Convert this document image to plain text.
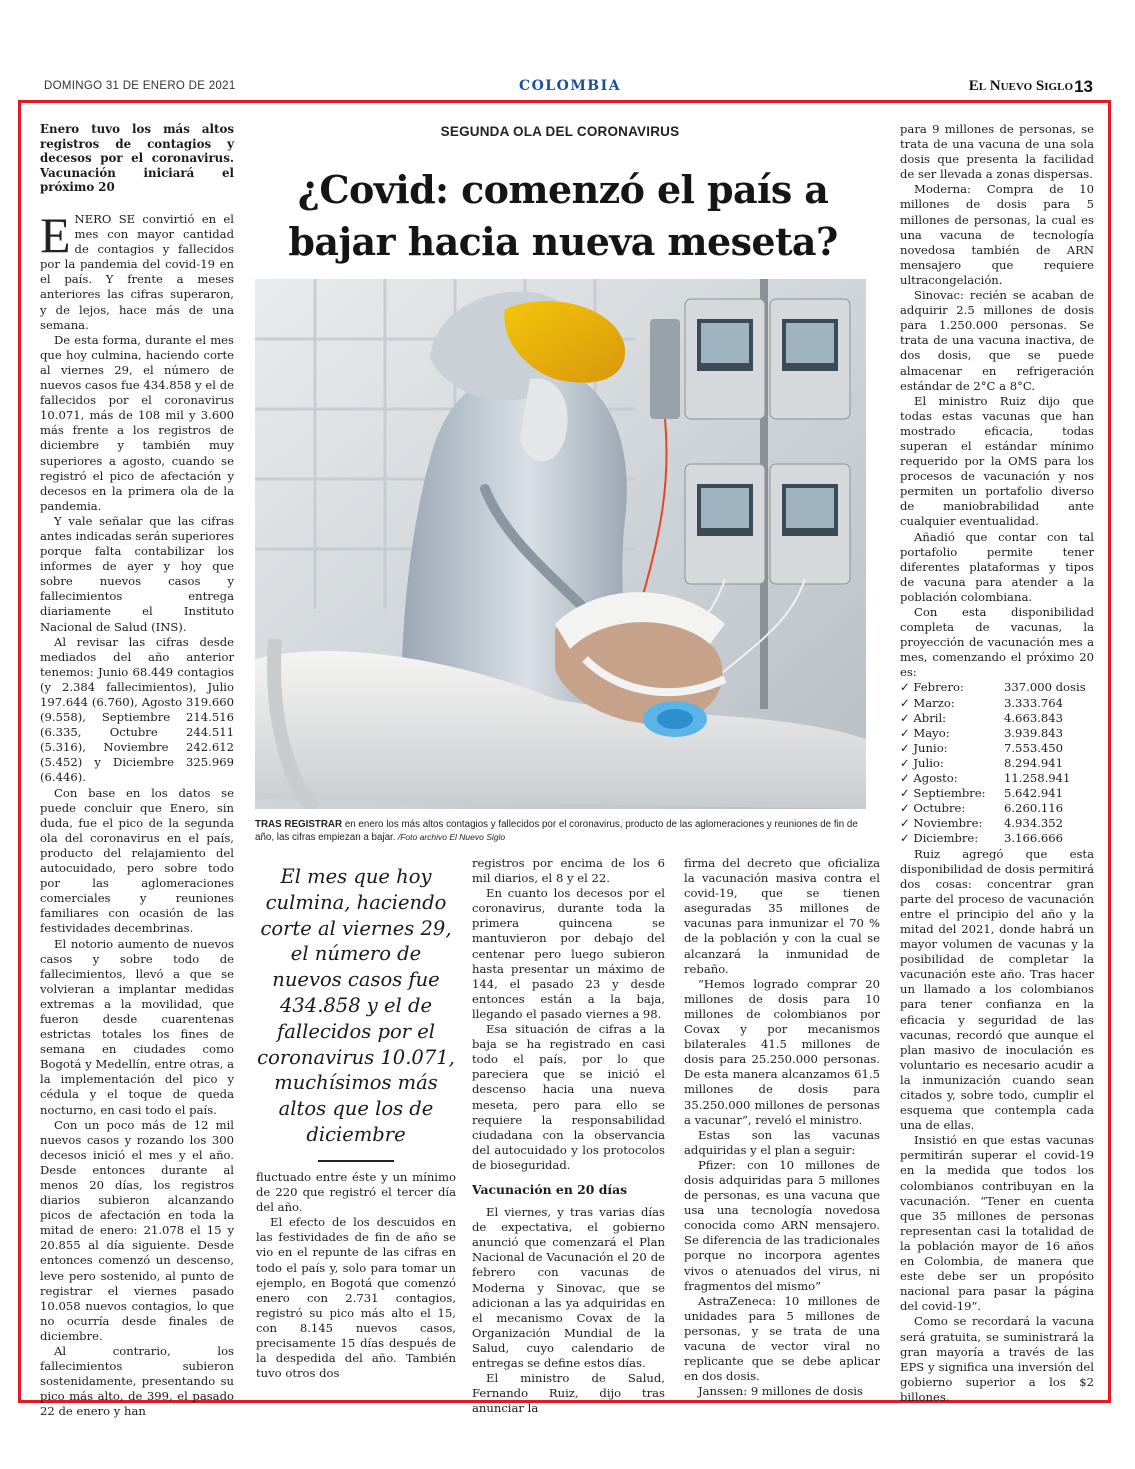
DOMINGO 31 DE ENERO DE 2021	COLOMBIA	El Nuevo Siglo 13
Enero tuvo los más altos registros de contagios y decesos por el coronavirus. Vacunación iniciará el próximo 20

ENERO SE convirtió en el mes con mayor cantidad de contagios y fallecidos por la pandemia del covid-19 en el país. Y frente a meses anteriores las cifras superaron, y de lejos, hace más de una semana.

De esta forma, durante el mes que hoy culmina, haciendo corte al viernes 29, el número de nuevos casos fue 434.858 y el de fallecidos por el coronavirus 10.071, más de 108 mil y 3.600 más frente a los registros de diciembre y también muy superiores a agosto, cuando se registró el pico de afectación y decesos en la primera ola de la pandemia.

Y vale señalar que las cifras antes indicadas serán superiores porque falta contabilizar los informes de ayer y hoy que sobre nuevos casos y fallecimientos entrega diariamente el Instituto Nacional de Salud (INS).

Al revisar las cifras desde mediados del año anterior tenemos: Junio 68.449 contagios (y 2.384 fallecimientos), Julio 197.644 (6.760), Agosto 319.660 (9.558), Septiembre 214.516 (6.335, Octubre 244.511 (5.316), Noviembre 242.612 (5.452) y Diciembre 325.969 (6.446).

Con base en los datos se puede concluir que Enero, sin duda, fue el pico de la segunda ola del coronavirus en el país, producto del relajamiento del autocuidado, pero sobre todo por las aglomeraciones comerciales y reuniones familiares con ocasión de las festividades decembrinas.

El notorio aumento de nuevos casos y sobre todo de fallecimientos, llevó a que se volvieran a implantar medidas extremas a la movilidad, que fueron desde cuarentenas estrictas totales los fines de semana en ciudades como Bogotá y Medellín, entre otras, a la implementación del pico y cédula y el toque de queda nocturno, en casi todo el país.

Con un poco más de 12 mil nuevos casos y rozando los 300 decesos inició el mes y el año. Desde entonces durante al menos 20 días, los registros diarios subieron alcanzando picos de afectación en toda la mitad de enero: 21.078 el 15 y 20.855 al día siguiente. Desde entonces comenzó un descenso, leve pero sostenido, al punto de registrar el viernes pasado 10.058 nuevos contagios, lo que no ocurría desde finales de diciembre.

Al contrario, los fallecimientos subieron sostenidamente, presentando su pico más alto, de 399, el pasado 22 de enero y han

SEGUNDA OLA DEL CORONAVIRUS
¿Covid: comenzó el país a
bajar hacia nueva meseta?
TRAS REGISTRAR en enero los más altos contagios y fallecidos por el coronavirus, producto de las aglomeraciones y reuniones de fin de año, las cifras empiezan a bajar. /Foto archivo El Nuevo Siglo
El mes que hoy culmina, haciendo corte al viernes 29, el número de nuevos casos fue 434.858 y el de fallecidos por el coronavirus 10.071, muchísimos más altos que los de diciembre

fluctuado entre éste y un mínimo de 220 que registró el tercer día del año.

El efecto de los descuidos en las festividades de fin de año se vio en el repunte de las cifras en todo el país y, solo para tomar un ejemplo, en Bogotá que comenzó enero con 2.731 contagios, registró su pico más alto el 15, con 8.145 nuevos casos, precisamente 15 días después de la despedida del año. También tuvo otros dos

registros por encima de los 6 mil diarios, el 8 y el 22.

En cuanto los decesos por el coronavirus, durante toda la primera quincena se mantuvieron por debajo del centenar pero luego subieron hasta presentar un máximo de 144, el pasado 23 y desde entonces están a la baja, llegando el pasado viernes a 98.

Esa situación de cifras a la baja se ha registrado en casi todo el país, por lo que pareciera que se inició el descenso hacia una nueva meseta, pero para ello se requiere la responsabilidad ciudadana con la observancia del autocuidado y los protocolos de bioseguridad.

Vacunación en 20 días

El viernes, y tras varias días de expectativa, el gobierno anunció que comenzará el Plan Nacional de Vacunación el 20 de febrero con vacunas de Moderna y Sinovac, que se adicionan a las ya adquiridas en el mecanismo Covax de la Organización Mundial de la Salud, cuyo calendario de entregas se define estos días.

El ministro de Salud, Fernando Ruiz, dijo tras anunciar la

firma del decreto que oficializa la vacunación masiva contra el covid-19, que se tienen aseguradas 35 millones de vacunas para inmunizar el 70 % de la población y con la cual se alcanzará la inmunidad de rebaño.

“Hemos logrado comprar 20 millones de dosis para 10 millones de colombianos por Covax y por mecanismos bilaterales 41.5 millones de dosis para 25.250.000 personas. De esta manera alcanzamos 61.5 millones de dosis para 35.250.000 millones de personas a vacunar”, reveló el ministro.

Estas son las vacunas adquiridas y el plan a seguir:

Pfizer: con 10 millones de dosis adquiridas para 5 millones de personas, es una vacuna que usa una tecnología novedosa conocida como ARN mensajero. Se diferencia de las tradicionales porque no incorpora agentes vivos o atenuados del virus, ni fragmentos del mismo”

AstraZeneca: 10 millones de unidades para 5 millones de personas, y se trata de una vacuna de vector viral no replicante que se debe aplicar en dos dosis.

Janssen: 9 millones de dosis

para 9 millones de personas, se trata de una vacuna de una sola dosis que presenta la facilidad de ser llevada a zonas dispersas.

Moderna: Compra de 10 millones de dosis para 5 millones de personas, la cual es una vacuna de tecnología novedosa también de ARN mensajero que requiere ultracongelación.

Sinovac: recién se acaban de adquirir 2.5 millones de dosis para 1.250.000 personas. Se trata de una vacuna inactiva, de dos dosis, que se puede almacenar en refrigeración estándar de 2°C a 8°C.

El ministro Ruiz dijo que todas estas vacunas que han mostrado eficacia, todas superan el estándar mínimo requerido por la OMS para los procesos de vacunación y nos permiten un portafolio diverso de maniobrabilidad ante cualquier eventualidad.

Añadió que contar con tal portafolio permite tener diferentes plataformas y tipos de vacuna para atender a la población colombiana.

Con esta disponibilidad completa de vacunas, la proyección de vacunación mes a mes, comenzando el próximo 20 es:

✓ Febrero:	337.000 dosis
✓ Marzo:	3.333.764
✓ Abril:	4.663.843
✓ Mayo:	3.939.843
✓ Junio:	7.553.450
✓ Julio:	8.294.941
✓ Agosto:	11.258.941
✓ Septiembre:	5.642.941
✓ Octubre:	6.260.116
✓ Noviembre:	4.934.352
✓ Diciembre:	3.166.666

Ruiz agregó que esta disponibilidad de dosis permitirá dos cosas: concentrar gran parte del proceso de vacunación entre el principio del año y la mitad del 2021, donde habrá un mayor volumen de vacunas y la posibilidad de completar la vacunación este año. Tras hacer un llamado a los colombianos para tener confianza en la eficacia y seguridad de las vacunas, recordó que aunque el plan masivo de inoculación es voluntario es necesario acudir a la inmunización cuando sean citados y, sobre todo, cumplir el esquema que contempla cada una de ellas.

Insistió en que estas vacunas permitirán superar el covid-19 en la medida que todos los colombianos contribuyan en la vacunación. “Tener en cuenta que 35 millones de personas representan casi la totalidad de la población mayor de 16 años en Colombia, de manera que este debe ser un propósito nacional para pasar la página del covid-19”.

Como se recordará la vacuna será gratuita, se suministrará la gran mayoría a través de las EPS y significa una inversión del gobierno superior a los $2 billones.
